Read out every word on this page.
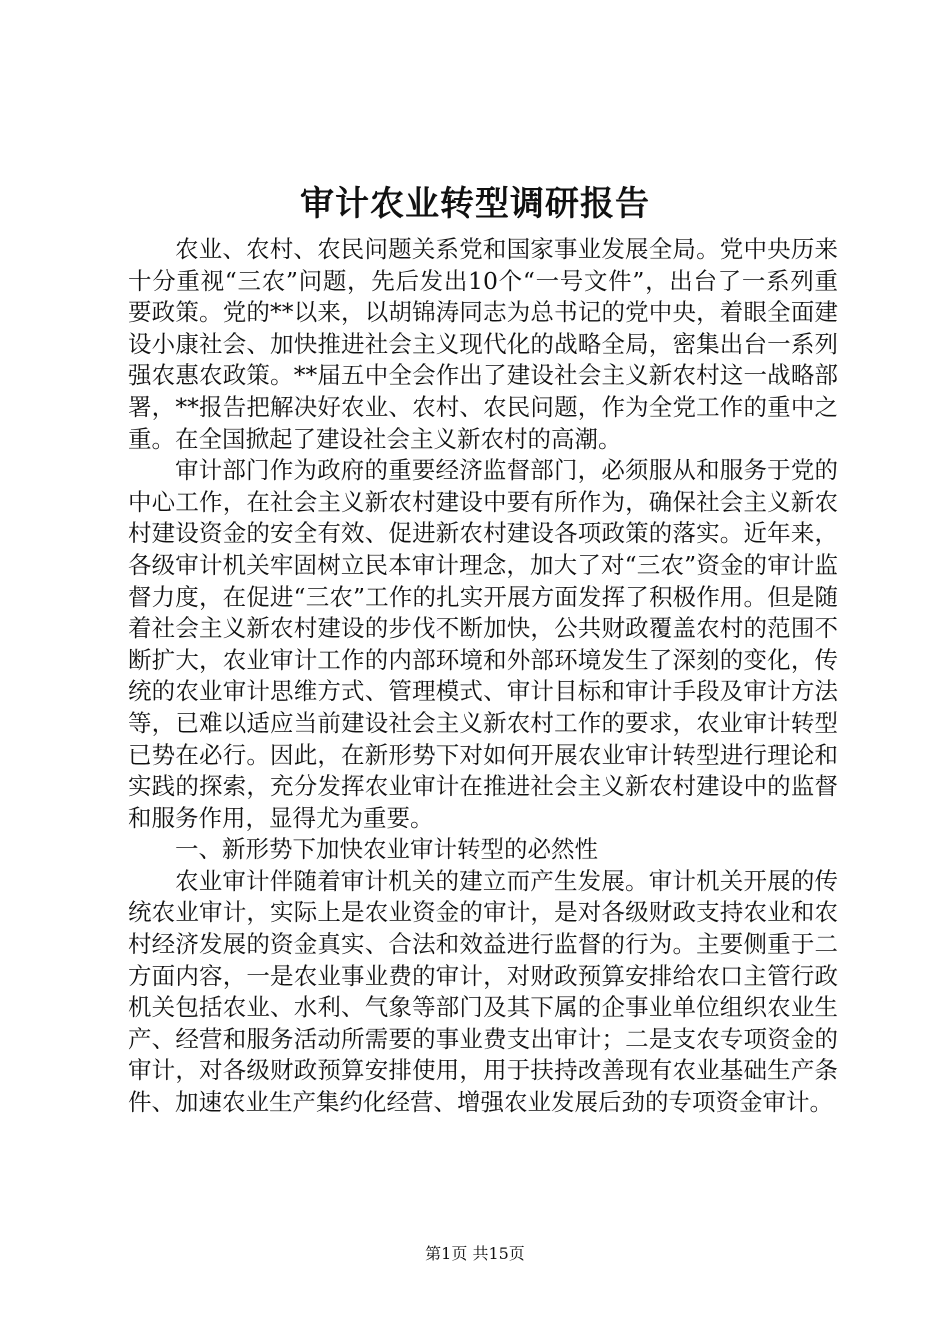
审计农业转型调研报告

农业、农村、农民问题关系党和国家事业发展全局。党中央历来十分重视“三农”问题，先后发出10个“一号文件”，出台了一系列重要政策。党的**以来，以胡锦涛同志为总书记的党中央，着眼全面建设小康社会、加快推进社会主义现代化的战略全局，密集出台一系列强农惠农政策。**届五中全会作出了建设社会主义新农村这一战略部署，**报告把解决好农业、农村、农民问题，作为全党工作的重中之重。在全国掀起了建设社会主义新农村的高潮。

审计部门作为政府的重要经济监督部门，必须服从和服务于党的中心工作，在社会主义新农村建设中要有所作为，确保社会主义新农村建设资金的安全有效、促进新农村建设各项政策的落实。近年来，各级审计机关牢固树立民本审计理念，加大了对“三农”资金的审计监督力度，在促进“三农”工作的扎实开展方面发挥了积极作用。但是随着社会主义新农村建设的步伐不断加快，公共财政覆盖农村的范围不断扩大，农业审计工作的内部环境和外部环境发生了深刻的变化，传统的农业审计思维方式、管理模式、审计目标和审计手段及审计方法等，已难以适应当前建设社会主义新农村工作的要求，农业审计转型已势在必行。因此，在新形势下对如何开展农业审计转型进行理论和实践的探索，充分发挥农业审计在推进社会主义新农村建设中的监督和服务作用，显得尤为重要。

一、新形势下加快农业审计转型的必然性

农业审计伴随着审计机关的建立而产生发展。审计机关开展的传统农业审计，实际上是农业资金的审计，是对各级财政支持农业和农村经济发展的资金真实、合法和效益进行监督的行为。主要侧重于二方面内容，一是农业事业费的审计，对财政预算安排给农口主管行政机关包括农业、水利、气象等部门及其下属的企事业单位组织农业生产、经营和服务活动所需要的事业费支出审计；二是支农专项资金的审计，对各级财政预算安排使用，用于扶持改善现有农业基础生产条件、加速农业生产集约化经营、增强农业发展后劲的专项资金审计。

第1页 共15页
